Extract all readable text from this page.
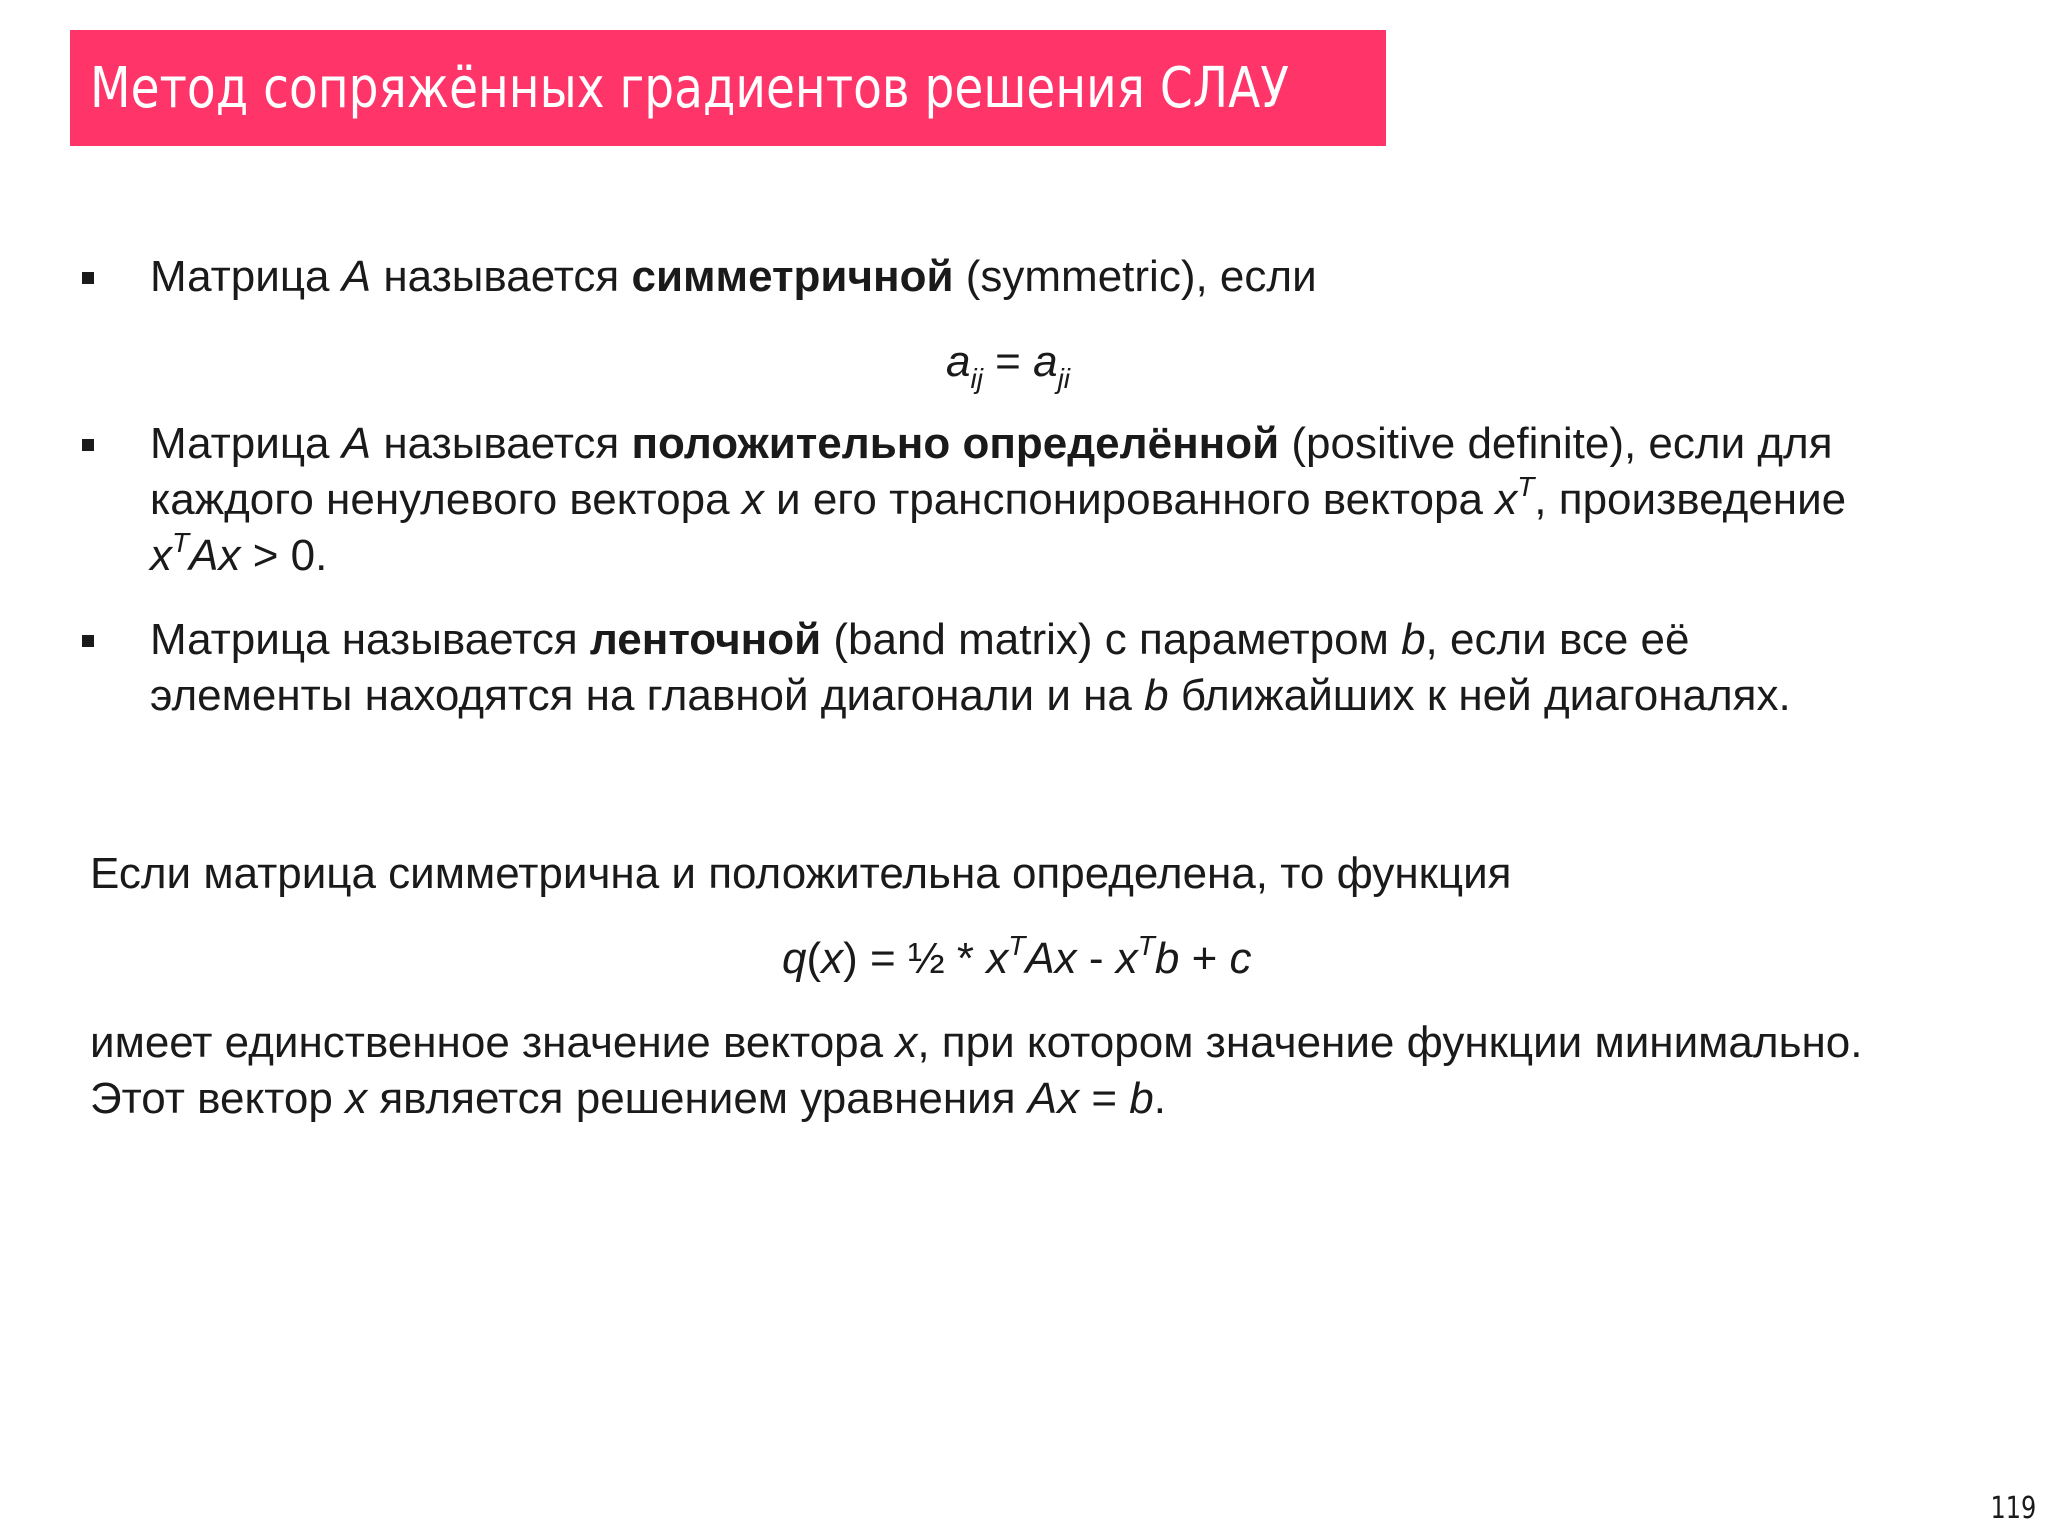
Метод сопряжённых градиентов решения СЛАУ
Матрица A называется симметричной (symmetric), если
$a_{ij} = a_{ji}$
Матрица A называется положительно определённой (positive definite), если для
каждого ненулевого вектора x и его транспонированного вектора $x^T$, произведение
$x^TAx > 0$.
Матрица называется ленточной (band matrix) с параметром b, если все её
элементы находятся на главной диагонали и на b ближайших к ней диагоналях.
Если матрица симметрична и положительна определена, то функция
q(x) = ½ * $x^TAx - x^Tb + c$
имеет единственное значение вектора x, при котором значение функции минимально.
Этот вектор x является решением уравнения Ax = b.
119
